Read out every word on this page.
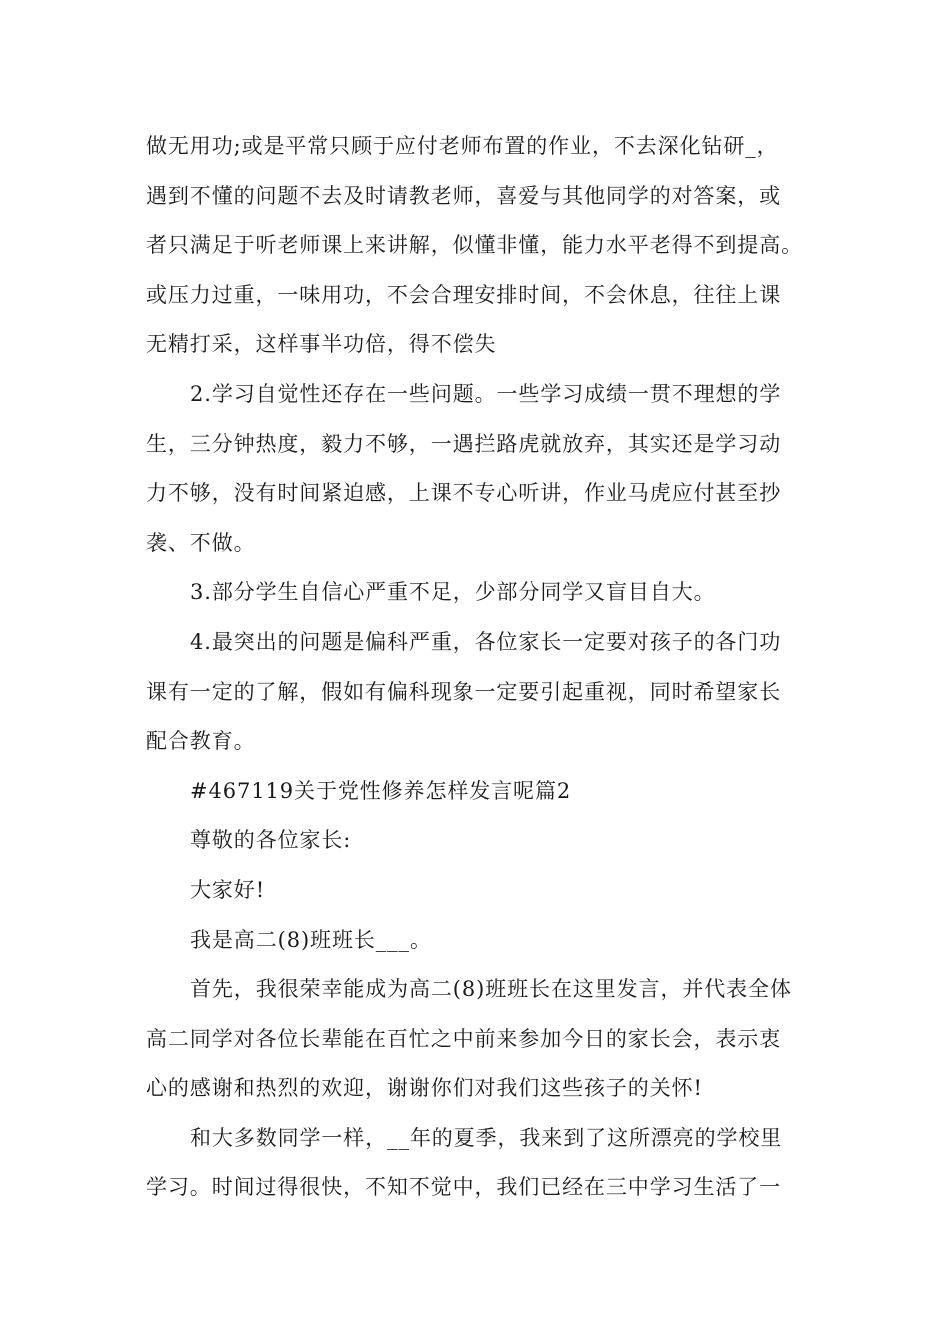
做无用功;或是平常只顾于应付老师布置的作业，不去深化钻研_，
遇到不懂的问题不去及时请教老师，喜爱与其他同学的对答案，或
者只满足于听老师课上来讲解，似懂非懂，能力水平老得不到提高。
或压力过重，一味用功，不会合理安排时间，不会休息，往往上课
无精打采，这样事半功倍，得不偿失
2.学习自觉性还存在一些问题。一些学习成绩一贯不理想的学
生，三分钟热度，毅力不够，一遇拦路虎就放弃，其实还是学习动
力不够，没有时间紧迫感，上课不专心听讲，作业马虎应付甚至抄
袭、不做。
3.部分学生自信心严重不足，少部分同学又盲目自大。
4.最突出的问题是偏科严重，各位家长一定要对孩子的各门功
课有一定的了解，假如有偏科现象一定要引起重视，同时希望家长
配合教育。
#467119关于党性修养怎样发言呢篇2
尊敬的各位家长:
大家好!
我是高二(8)班班长___。
首先，我很荣幸能成为高二(8)班班长在这里发言，并代表全体
高二同学对各位长辈能在百忙之中前来参加今日的家长会，表示衷
心的感谢和热烈的欢迎，谢谢你们对我们这些孩子的关怀!
和大多数同学一样，__年的夏季，我来到了这所漂亮的学校里
学习。时间过得很快，不知不觉中，我们已经在三中学习生活了一
